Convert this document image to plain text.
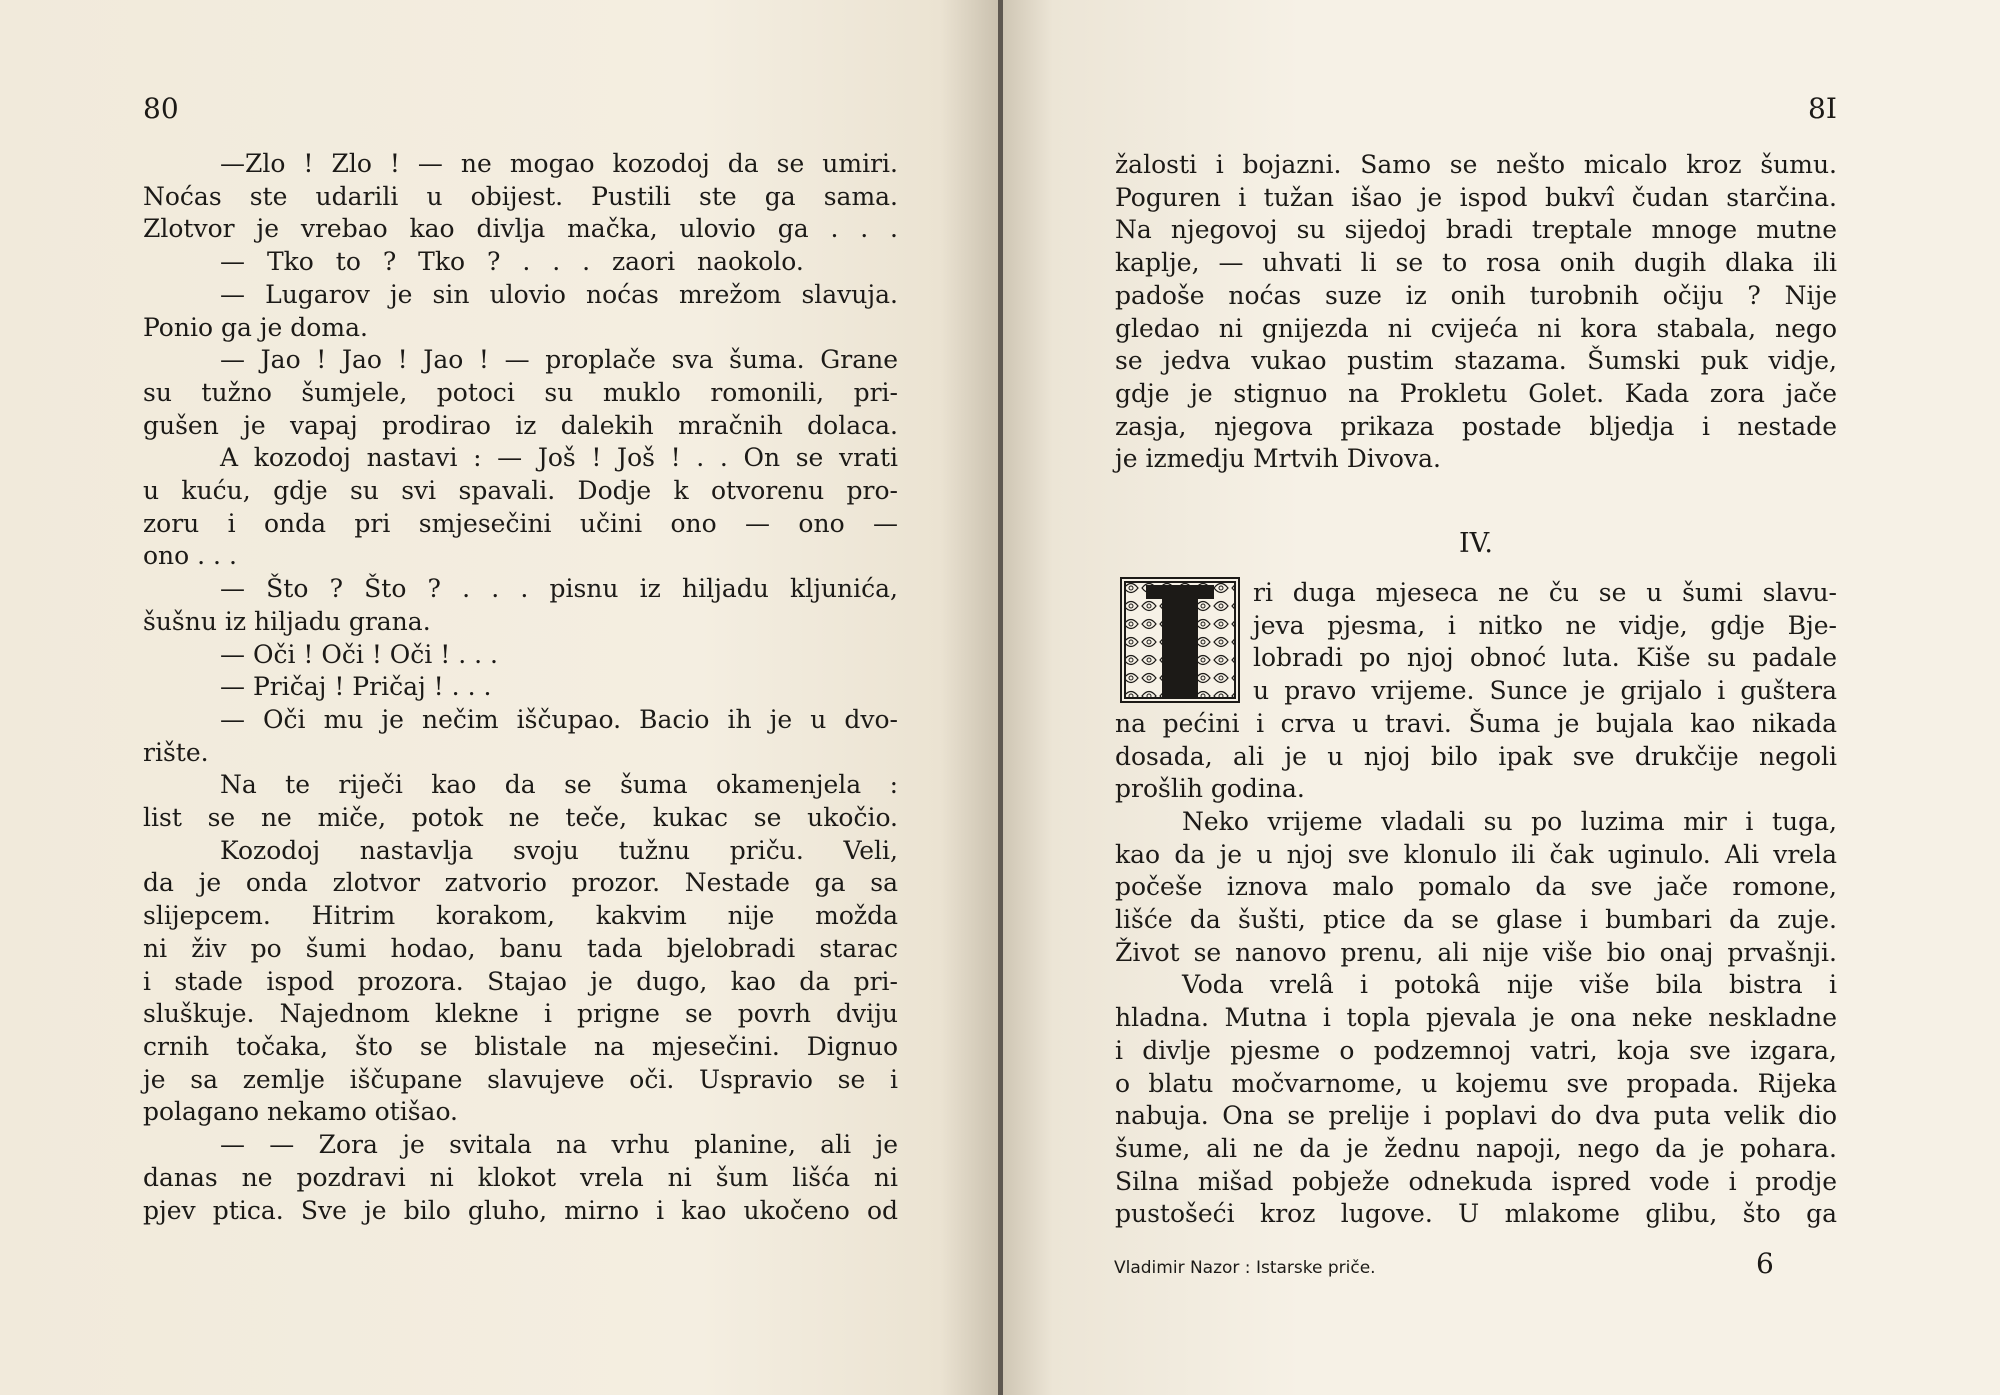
80
—Zlo ! Zlo ! — ne mogao kozodoj da se umiri.
Noćas ste udarili u obijest. Pustili ste ga sama.
Zlotvor je vrebao kao divlja mačka, ulovio ga . . .
— Tko to ? Tko ? . . . zaori naokolo.
— Lugarov je sin ulovio noćas mrežom slavuja.
Ponio ga je doma.
— Jao ! Jao ! Jao ! — proplače sva šuma. Grane
su tužno šumjele, potoci su muklo romonili, pri-
gušen je vapaj prodirao iz dalekih mračnih dolaca.
A kozodoj nastavi : — Još ! Još ! . . On se vrati
u kuću, gdje su svi spavali. Dodje k otvorenu pro-
zoru i onda pri smjesečini učini ono — ono —
ono . . .
— Što ? Što ? . . . pisnu iz hiljadu kljunića,
šušnu iz hiljadu grana.
— Oči ! Oči ! Oči ! . . .
— Pričaj ! Pričaj ! . . .
— Oči mu je nečim iščupao. Bacio ih je u dvo-
rište.
Na te riječi kao da se šuma okamenjela :
list se ne miče, potok ne teče, kukac se ukočio.
Kozodoj nastavlja svoju tužnu priču. Veli,
da je onda zlotvor zatvorio prozor. Nestade ga sa
slijepcem. Hitrim korakom, kakvim nije možda
ni živ po šumi hodao, banu tada bjelobradi starac
i stade ispod prozora. Stajao je dugo, kao da pri-
sluškuje. Najednom klekne i prigne se povrh dviju
crnih točaka, što se blistale na mjesečini. Dignuo
je sa zemlje iščupane slavujeve oči. Uspravio se i
polagano nekamo otišao.
— — Zora je svitala na vrhu planine, ali je
danas ne pozdravi ni klokot vrela ni šum lišća ni
pjev ptica. Sve je bilo gluho, mirno i kao ukočeno od
8I
žalosti i bojazni. Samo se nešto micalo kroz šumu.
Poguren i tužan išao je ispod bukvî čudan starčina.
Na njegovoj su sijedoj bradi treptale mnoge mutne
kaplje, — uhvati li se to rosa onih dugih dlaka ili
padoše noćas suze iz onih turobnih očiju ? Nije
gledao ni gnijezda ni cvijeća ni kora stabala, nego
se jedva vukao pustim stazama. Šumski puk vidje,
gdje je stignuo na Prokletu Golet. Kada zora jače
zasja, njegova prikaza postade bljedja i nestade
je izmedju Mrtvih Divova.
IV.
ri duga mjeseca ne ču se u šumi slavu-
jeva pjesma, i nitko ne vidje, gdje Bje-
lobradi po njoj obnoć luta. Kiše su padale
u pravo vrijeme. Sunce je grijalo i guštera
na pećini i crva u travi. Šuma je bujala kao nikada
dosada, ali je u njoj bilo ipak sve drukčije negoli
prošlih godina.
Neko vrijeme vladali su po luzima mir i tuga,
kao da je u njoj sve klonulo ili čak uginulo. Ali vrela
počeše iznova malo pomalo da sve jače romone,
lišće da šušti, ptice da se glase i bumbari da zuje.
Život se nanovo prenu, ali nije više bio onaj prvašnji.
Voda vrelâ i potokâ nije više bila bistra i
hladna. Mutna i topla pjevala je ona neke neskladne
i divlje pjesme o podzemnoj vatri, koja sve izgara,
o blatu močvarnome, u kojemu sve propada. Rijeka
nabuja. Ona se prelije i poplavi do dva puta velik dio
šume, ali ne da je žednu napoji, nego da je pohara.
Silna mišad pobježe odnekuda ispred vode i prodje
pustošeći kroz lugove. U mlakome glibu, što ga
Vladimir Nazor : Istarske priče.	6
